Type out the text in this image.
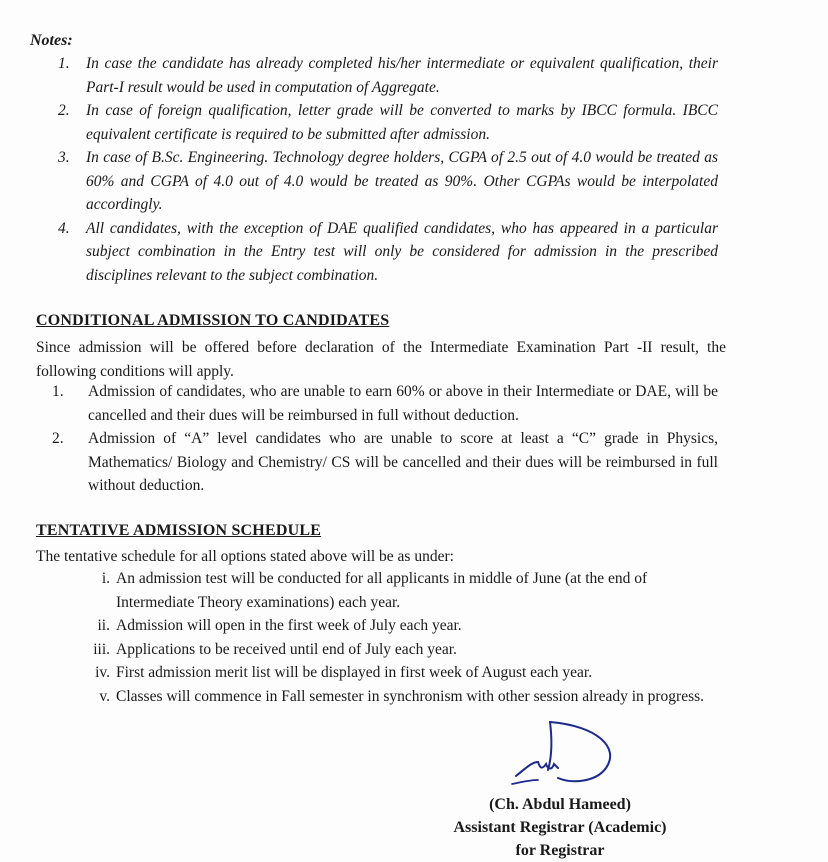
Notes:
1. In case the candidate has already completed his/her intermediate or equivalent qualification, their Part-I result would be used in computation of Aggregate.
2. In case of foreign qualification, letter grade will be converted to marks by IBCC formula. IBCC equivalent certificate is required to be submitted after admission.
3. In case of B.Sc. Engineering. Technology degree holders, CGPA of 2.5 out of 4.0 would be treated as 60% and CGPA of 4.0 out of 4.0 would be treated as 90%. Other CGPAs would be interpolated accordingly.
4. All candidates, with the exception of DAE qualified candidates, who has appeared in a particular subject combination in the Entry test will only be considered for admission in the prescribed disciplines relevant to the subject combination.
CONDITIONAL ADMISSION TO CANDIDATES
Since admission will be offered before declaration of the Intermediate Examination Part -II result, the following conditions will apply.
1. Admission of candidates, who are unable to earn 60% or above in their Intermediate or DAE, will be cancelled and their dues will be reimbursed in full without deduction.
2. Admission of “A” level candidates who are unable to score at least a “C” grade in Physics, Mathematics/ Biology and Chemistry/ CS will be cancelled and their dues will be reimbursed in full without deduction.
TENTATIVE ADMISSION SCHEDULE
The tentative schedule for all options stated above will be as under:
i. An admission test will be conducted for all applicants in middle of June (at the end of Intermediate Theory examinations) each year.
ii. Admission will open in the first week of July each year.
iii. Applications to be received until end of July each year.
iv. First admission merit list will be displayed in first week of August each year.
v. Classes will commence in Fall semester in synchronism with other session already in progress.
(Ch. Abdul Hameed)
Assistant Registrar (Academic)
for Registrar
